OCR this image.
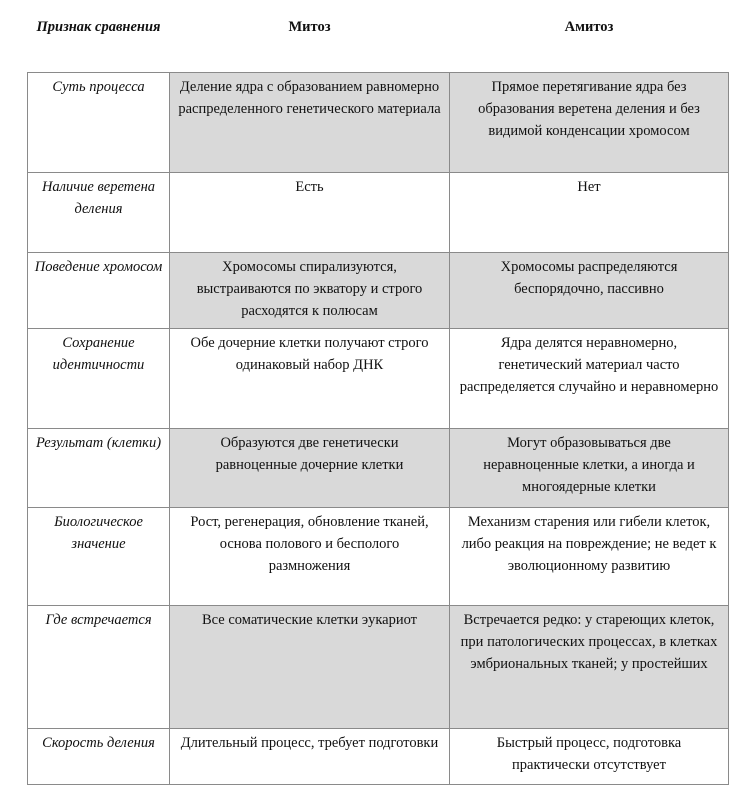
Признак сравнения	Митоз	Амитоз
Суть процесса	Деление ядра с образованием равномерно распределенного генетического материала	Прямое перетягивание ядра без образования веретена деления и без видимой конденсации хромосом
Наличие веретена деления	Есть	Нет
Поведение хромосом	Хромосомы спирализуются, выстраиваются по экватору и строго расходятся к полюсам	Хромосомы распределяются беспорядочно, пассивно
Сохранение идентичности	Обе дочерние клетки получают строго одинаковый набор ДНК	Ядра делятся неравномерно, генетический материал часто распределяется случайно и неравномерно
Результат (клетки)	Образуются две генетически равноценные дочерние клетки	Могут образовываться две неравноценные клетки, а иногда и многоядерные клетки
Биологическое значение	Рост, регенерация, обновление тканей, основа полового и бесполого размножения	Механизм старения или гибели клеток, либо реакция на повреждение; не ведет к эволюционному развитию
Где встречается	Все соматические клетки эукариот	Встречается редко: у стареющих клеток, при патологических процессах, в клетках эмбриональных тканей; у простейших
Скорость деления	Длительный процесс, требует подготовки	Быстрый процесс, подготовка практически отсутствует
